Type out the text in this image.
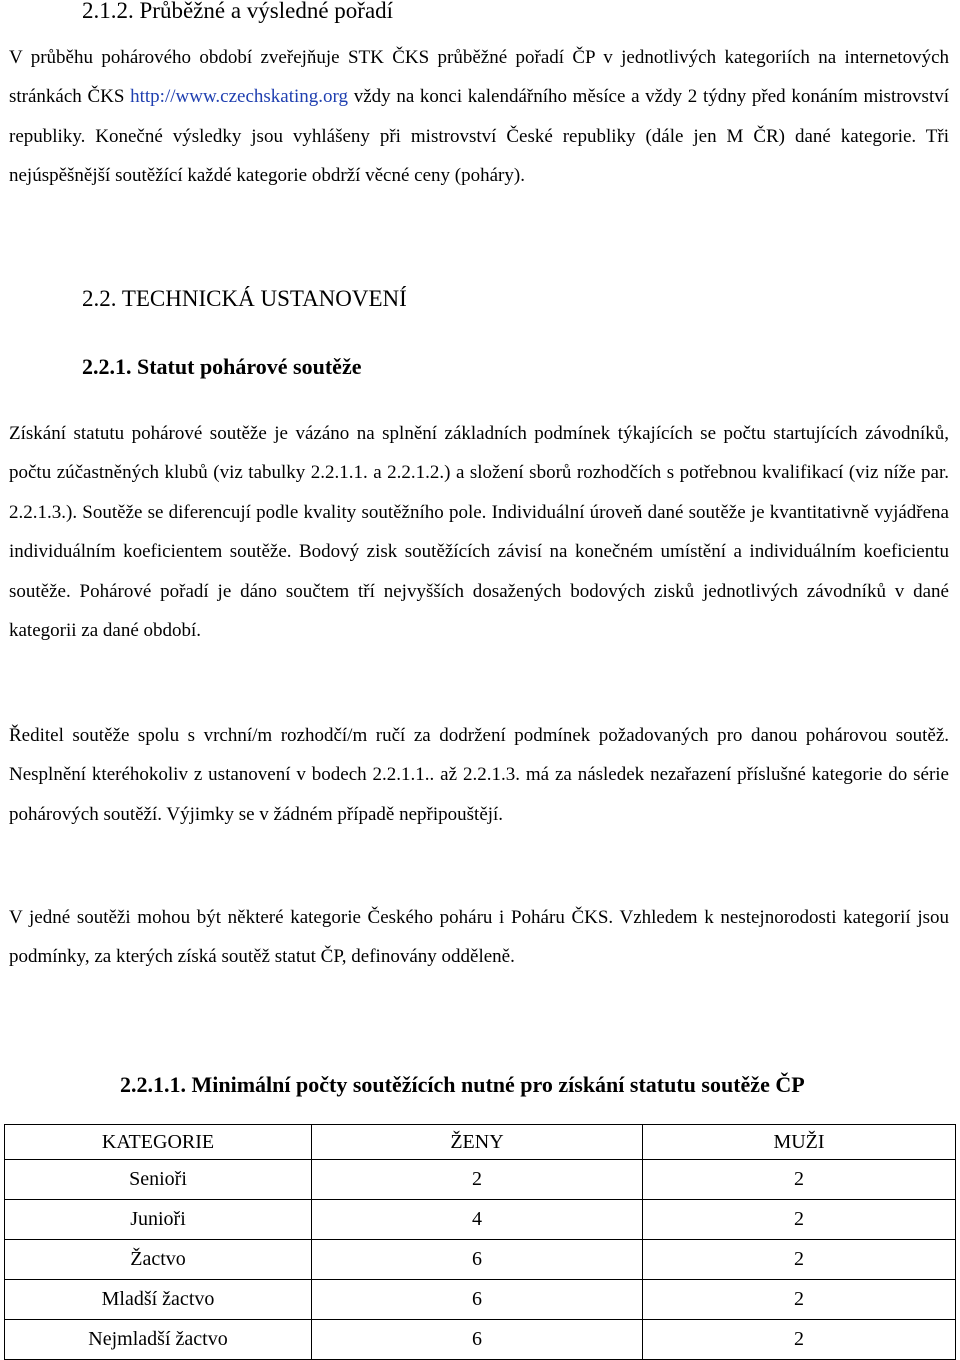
2.1.2. Průběžné a výsledné pořadí

V průběhu pohárového období zveřejňuje STK ČKS průběžné pořadí ČP v jednotlivých kategoriích na internetových stránkách ČKS http://www.czechskating.org vždy na konci kalendářního měsíce a vždy 2 týdny před konáním mistrovství republiky. Konečné výsledky jsou vyhlášeny při mistrovství České republiky (dále jen M ČR) dané kategorie. Tři nejúspěšnější soutěžící každé kategorie obdrží věcné ceny (poháry).

2.2. TECHNICKÁ USTANOVENÍ
2.2.1. Statut pohárové soutěže

Získání statutu pohárové soutěže je vázáno na splnění základních podmínek týkajících se počtu startujících závodníků, počtu zúčastněných klubů (viz tabulky 2.2.1.1. a 2.2.1.2.) a složení sborů rozhodčích s potřebnou kvalifikací (viz níže par. 2.2.1.3.). Soutěže se diferencují podle kvality soutěžního pole. Individuální úroveň dané soutěže je kvantitativně vyjádřena individuálním koeficientem soutěže. Bodový zisk soutěžících závisí na konečném umístění a individuálním koeficientu soutěže. Pohárové pořadí je dáno součtem tří nejvyšších dosažených bodových zisků jednotlivých závodníků v dané kategorii za dané období.

Ředitel soutěže spolu s vrchní/m rozhodčí/m ručí za dodržení podmínek požadovaných pro danou pohárovou soutěž. Nesplnění kteréhokoliv z ustanovení v bodech 2.2.1.1.. až 2.2.1.3. má za následek nezařazení příslušné kategorie do série pohárových soutěží. Výjimky se v žádném případě nepřipouštějí.

V jedné soutěži mohou být některé kategorie Českého poháru i Poháru ČKS. Vzhledem k nestejnorodosti kategorií jsou podmínky, za kterých získá soutěž statut ČP, definovány odděleně.

2.2.1.1. Minimální počty soutěžících nutné pro získání statutu soutěže ČP
KATEGORIE	ŽENY	MUŽI
Senioři	2	2
Junioři	4	2
Žactvo	6	2
Mladší žactvo	6	2
Nejmladší žactvo	6	2
